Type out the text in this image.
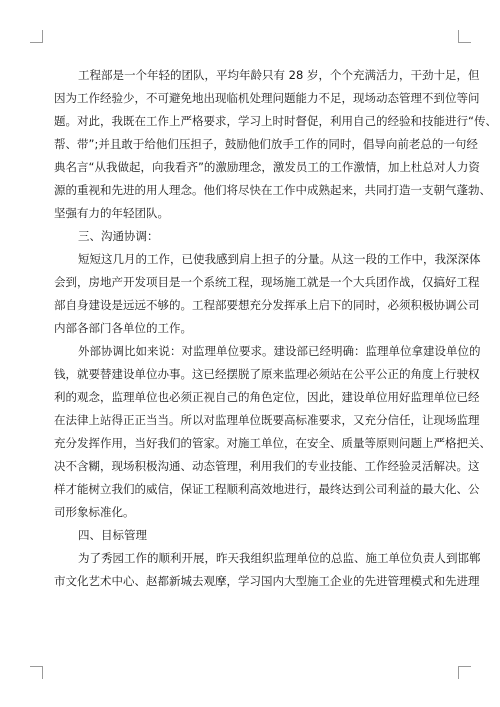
工程部是一个年轻的团队，平均年龄只有 28 岁，个个充满活力，干劲十足，但
因为工作经验少，不可避免地出现临机处理问题能力不足，现场动态管理不到位等问
题。对此，我既在工作上严格要求，学习上时时督促，利用自己的经验和技能进行“传、
帮、带”;并且敢于给他们压担子，鼓励他们放手工作的同时，倡导向前老总的一句经
典名言“从我做起，向我看齐”的激励理念，激发员工的工作激情，加上杜总对人力资
源的重视和先进的用人理念。他们将尽快在工作中成熟起来，共同打造一支朝气蓬勃、
坚强有力的年轻团队。

三、沟通协调：

短短这几月的工作，已使我感到肩上担子的分量。从这一段的工作中，我深深体
会到，房地产开发项目是一个系统工程，现场施工就是一个大兵团作战，仅搞好工程
部自身建设是远远不够的。工程部要想充分发挥承上启下的同时，必须积极协调公司
内部各部门各单位的工作。

外部协调比如来说：对监理单位要求。建设部已经明确：监理单位拿建设单位的
钱，就要替建设单位办事。这已经摆脱了原来监理必须站在公平公正的角度上行驶权
利的观念，监理单位也必须正视自己的角色定位，因此，建设单位用好监理单位已经
在法律上站得正正当当。所以对监理单位既要高标准要求，又充分信任，让现场监理
充分发挥作用，当好我们的管家。对施工单位，在安全、质量等原则问题上严格把关、
决不含糊，现场积极沟通、动态管理，利用我们的专业技能、工作经验灵活解决。这
样才能树立我们的威信，保证工程顺利高效地进行，最终达到公司利益的最大化、公
司形象标准化。

四、目标管理

为了秀园工作的顺利开展，昨天我组织监理单位的总监、施工单位负责人到邯郸
市文化艺术中心、赵都新城去观摩，学习国内大型施工企业的先进管理模式和先进理
